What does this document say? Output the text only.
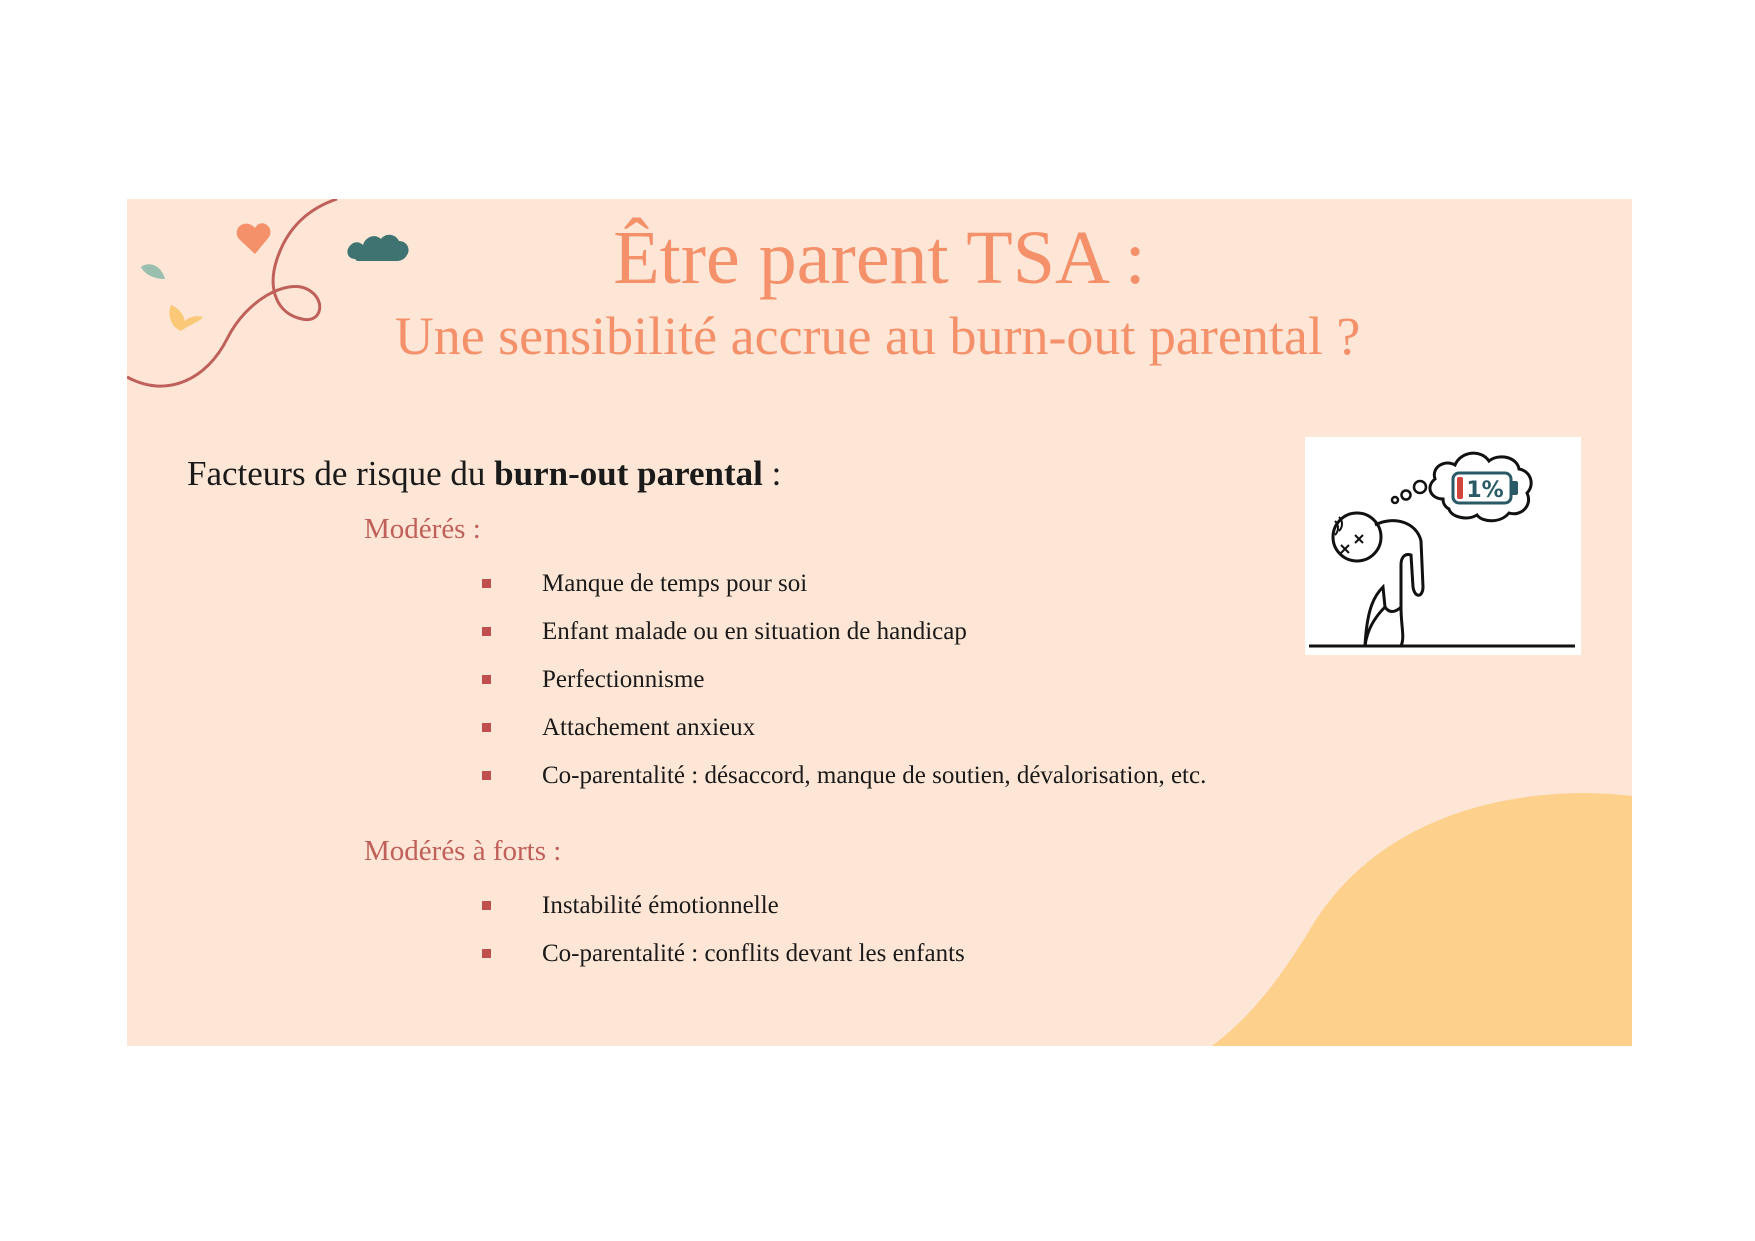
Être parent TSA :
Une sensibilité accrue au burn-out parental ?
Facteurs de risque du burn-out parental :
Modérés :
Manque de temps pour soi
Enfant malade ou en situation de handicap
Perfectionnisme
Attachement anxieux
Co-parentalité : désaccord, manque de soutien, dévalorisation, etc.
Modérés à forts :
Instabilité émotionnelle
Co-parentalité : conflits devant les enfants
1%
